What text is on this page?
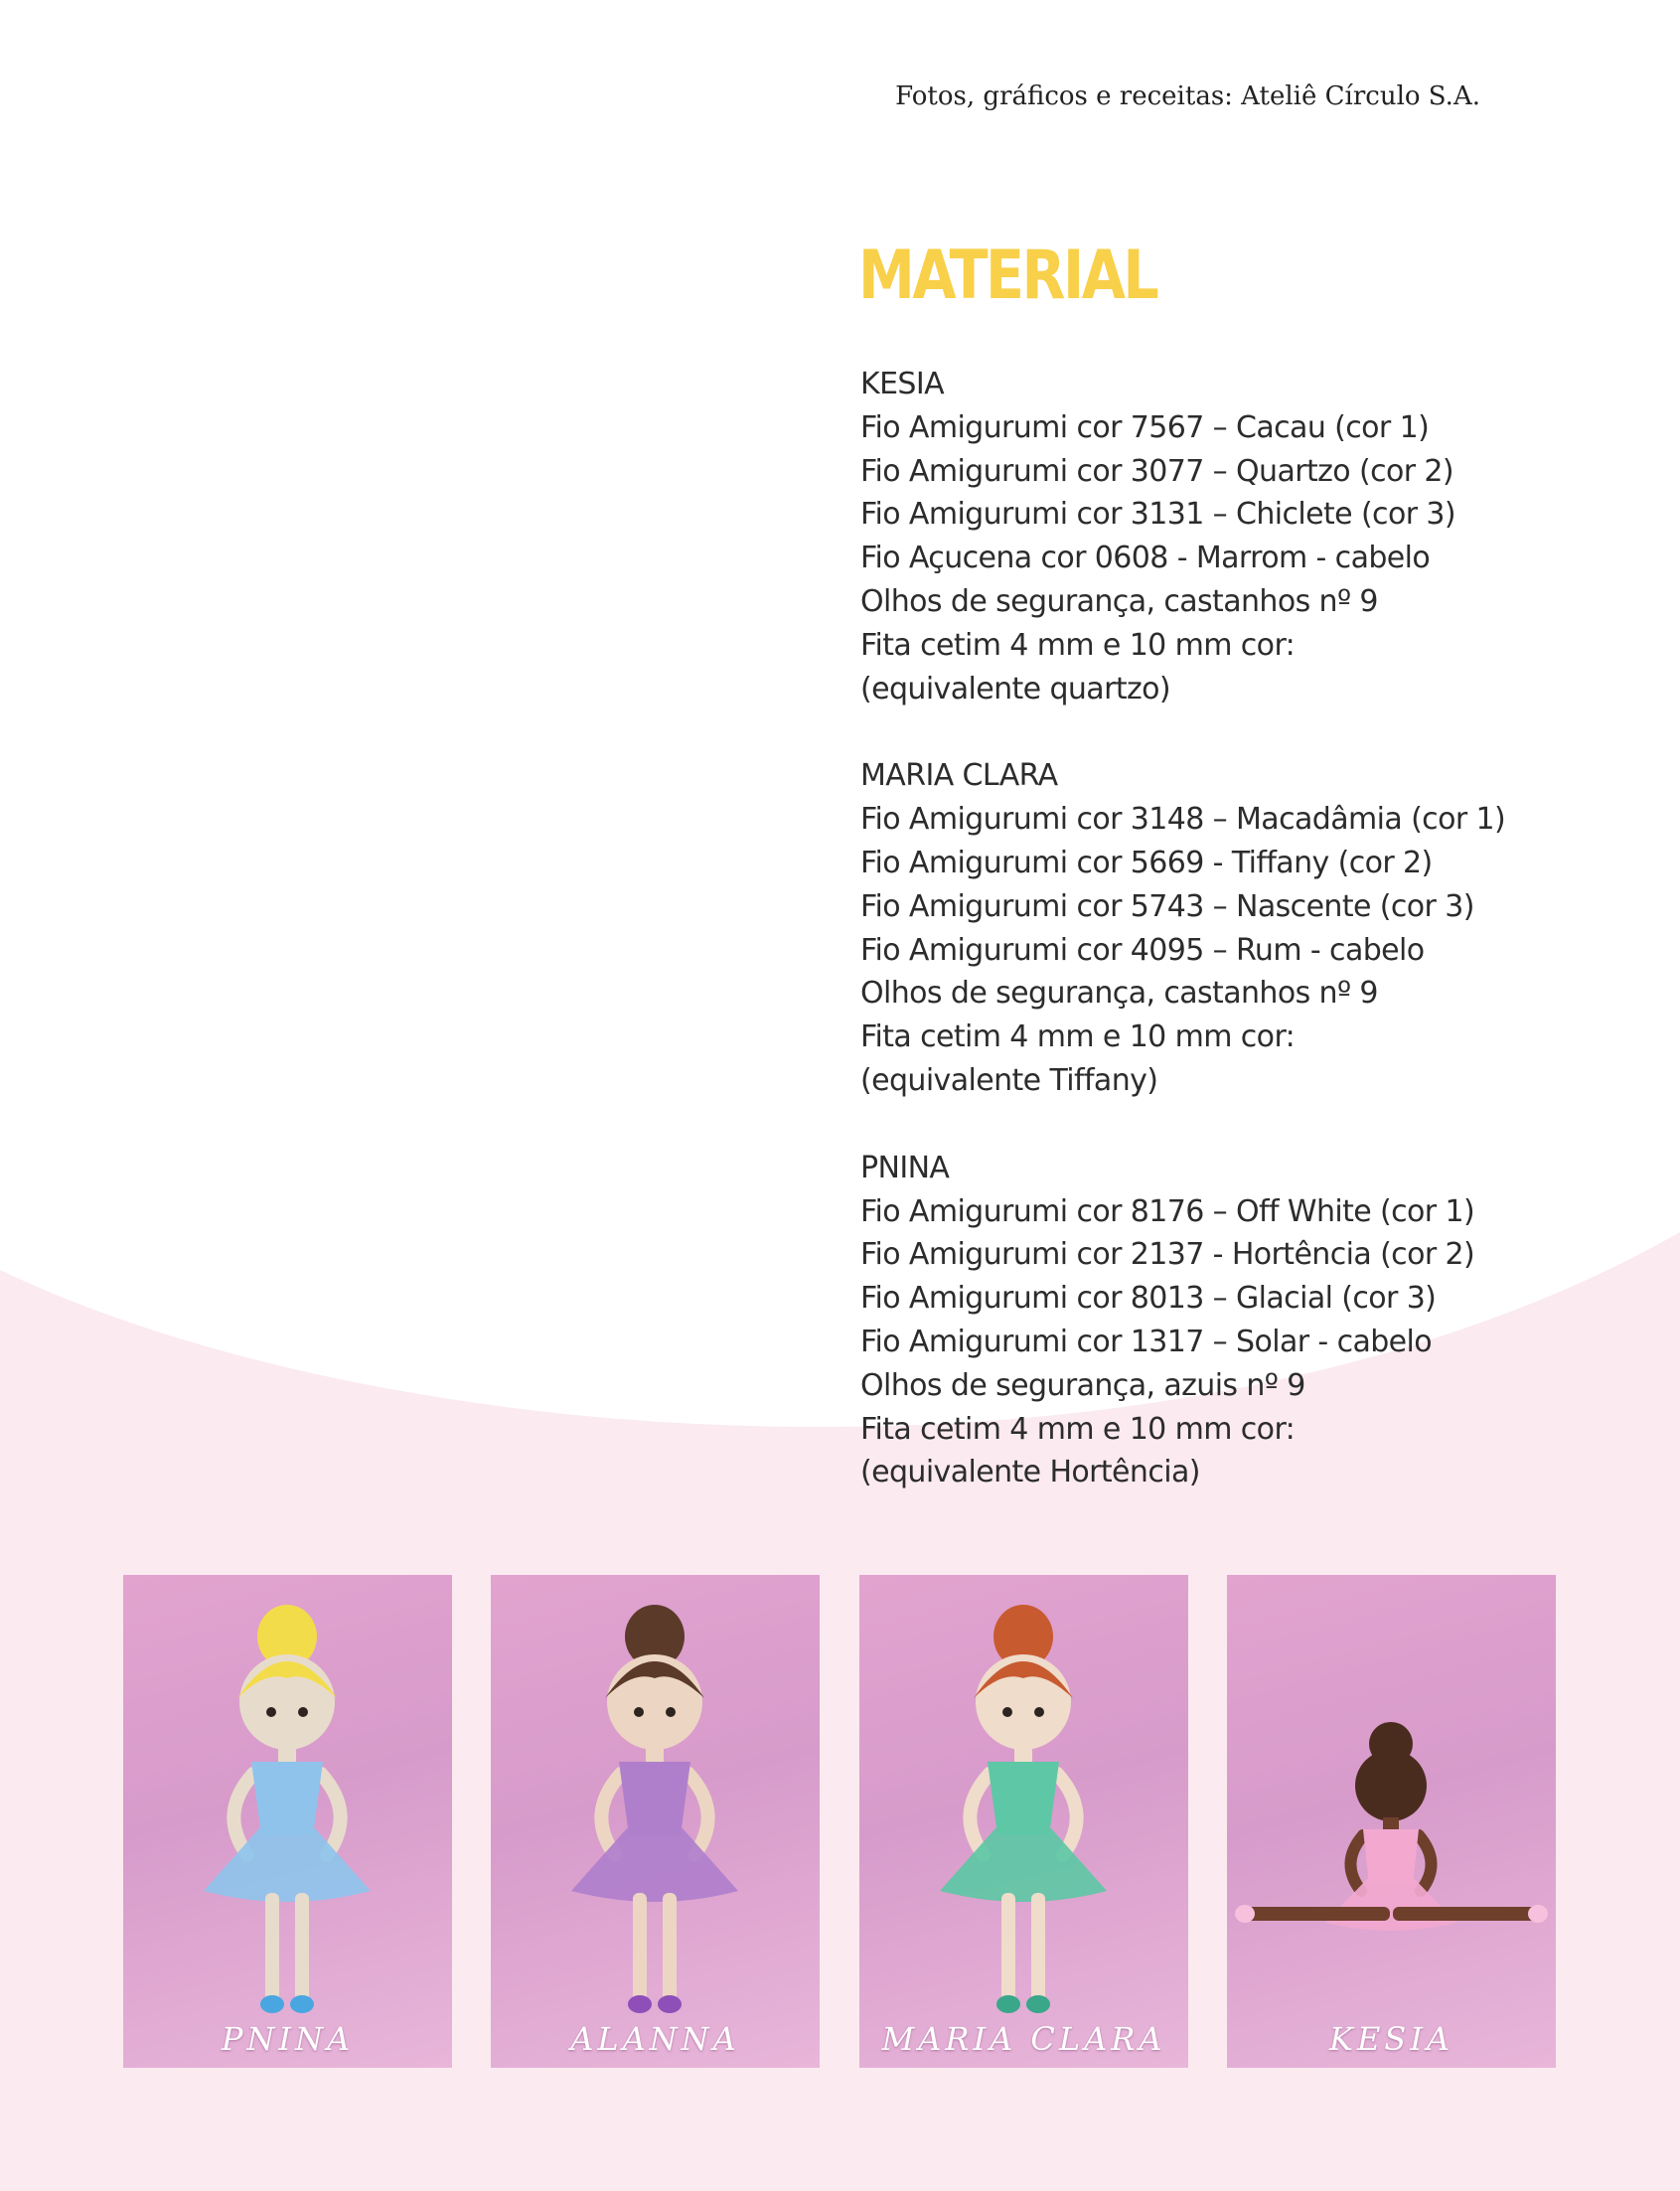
Fotos, gráficos e receitas: Ateliê Círculo S.A.
MATERIAL
KESIA
Fio Amigurumi cor 7567 – Cacau (cor 1)
Fio Amigurumi cor 3077 – Quartzo (cor 2)
Fio Amigurumi cor 3131 – Chiclete (cor 3)
Fio Açucena cor 0608 - Marrom - cabelo
Olhos de segurança, castanhos nº 9
Fita cetim 4 mm e 10 mm cor:
(equivalente quartzo)
MARIA CLARA
Fio Amigurumi cor 3148 – Macadâmia (cor 1)
Fio Amigurumi cor 5669 - Tiffany (cor 2)
Fio Amigurumi cor 5743 – Nascente (cor 3)
Fio Amigurumi cor 4095 – Rum - cabelo
Olhos de segurança, castanhos nº 9
Fita cetim 4 mm e 10 mm cor:
(equivalente Tiffany)
PNINA
Fio Amigurumi cor 8176 – Off White (cor 1)
Fio Amigurumi cor 2137 - Hortência (cor 2)
Fio Amigurumi cor 8013 – Glacial (cor 3)
Fio Amigurumi cor 1317 – Solar - cabelo
Olhos de segurança, azuis nº 9
Fita cetim 4 mm e 10 mm cor:
(equivalente Hortência)
PNINA	ALANNA	MARIA CLARA	KESIA
